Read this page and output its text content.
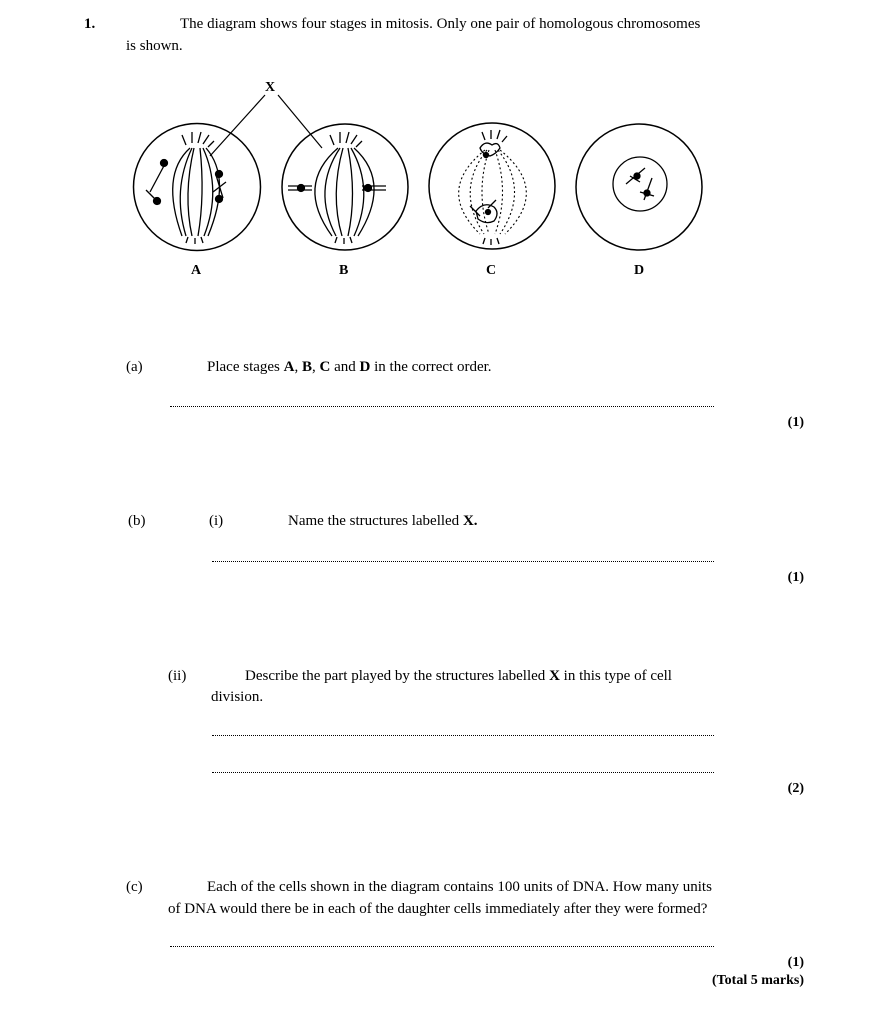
1.	The diagram shows four stages in mitosis. Only one pair of homologous chromosomes
is shown.
X
A	B	C	D
(a)	Place stages A, B, C and D in the correct order.
(1)
(b)	(i)	Name the structures labelled X.
(1)
(ii)	Describe the part played by the structures labelled X in this type of cell
division.
(2)
(c)	Each of the cells shown in the diagram contains 100 units of DNA. How many units
of DNA would there be in each of the daughter cells immediately after they were formed?
(1)
(Total 5 marks)
